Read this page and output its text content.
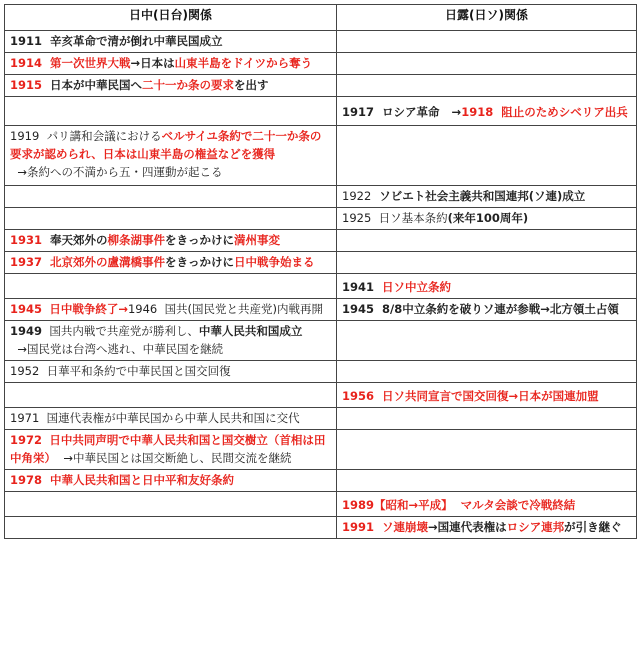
日中(日台)関係	日露(日ソ)関係
1911 辛亥革命で清が倒れ中華民国成立	
1914 第一次世界大戦→日本は山東半島をドイツから奪う	
1915 日本が中華民国へ二十一か条の要求を出す	
	1917 ロシア革命 →1918 阻止のためシベリア出兵
1919 パリ講和会議におけるベルサイユ条約で二十一か条の要求が認められ、日本は山東半島の権益などを獲得
→条約への不満から五・四運動が起こる	
	1922 ソビエト社会主義共和国連邦(ソ連)成立
	1925 日ソ基本条約(来年100周年)
1931 奉天郊外の柳条湖事件をきっかけに満州事変	
1937 北京郊外の盧溝橋事件をきっかけに日中戦争始まる	
	1941 日ソ中立条約
1945 日中戦争終了→1946 国共(国民党と共産党)内戦再開	1945 8/8中立条約を破りソ連が参戦→北方領土占領
1949 国共内戦で共産党が勝利し、中華人民共和国成立
→国民党は台湾へ逃れ、中華民国を継続	
1952 日華平和条約で中華民国と国交回復	
	1956 日ソ共同宣言で国交回復→日本が国連加盟
1971 国連代表権が中華民国から中華人民共和国に交代	
1972 日中共同声明で中華人民共和国と国交樹立（首相は田中角栄） →中華民国とは国交断絶し、民間交流を継続	
1978 中華人民共和国と日中平和友好条約	
	1989【昭和→平成】 マルタ会談で冷戦終結
	1991 ソ連崩壊→国連代表権はロシア連邦が引き継ぐ
